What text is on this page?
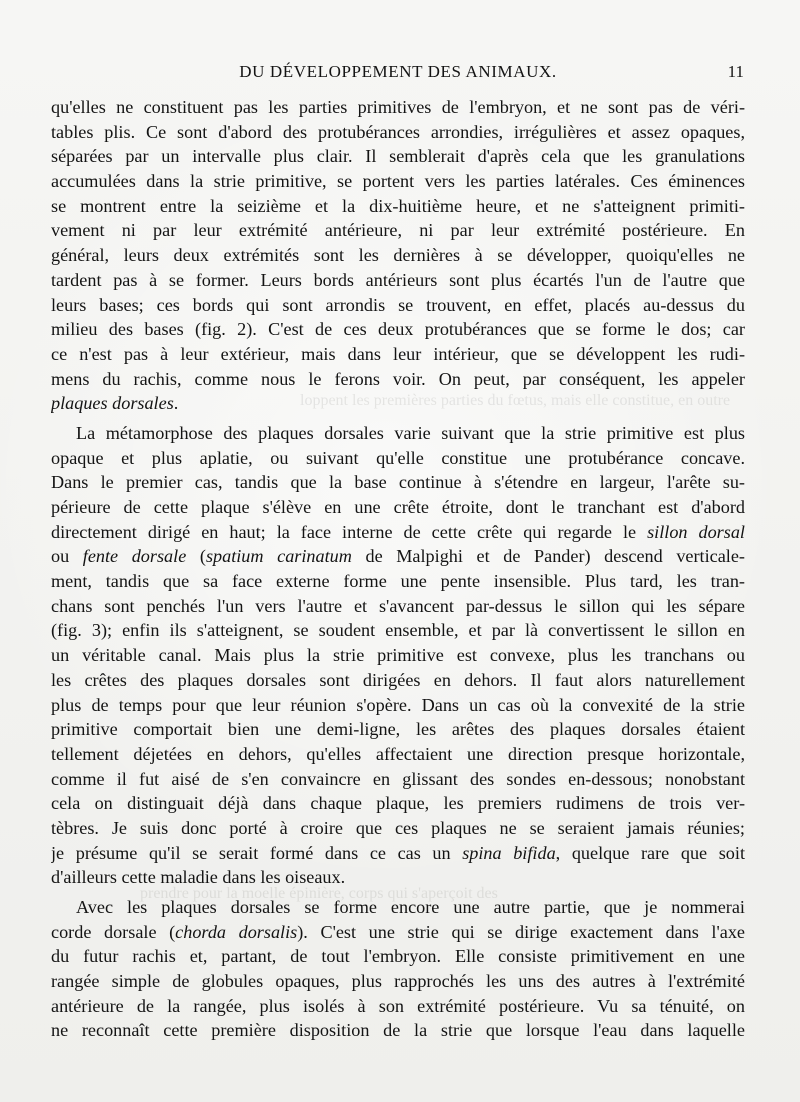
loppent les premières parties du fœtus, mais elle constitue, en outre
prendre pour la moelle épinière, corps qui s'aperçoit des
DU DÉVELOPPEMENT DES ANIMAUX.	11
qu'elles ne constituent pas les parties primitives de l'embryon, et ne sont pas de véri-
tables plis. Ce sont d'abord des protubérances arrondies, irrégulières et assez opaques,
séparées par un intervalle plus clair. Il semblerait d'après cela que les granulations
accumulées dans la strie primitive, se portent vers les parties latérales. Ces éminences
se montrent entre la seizième et la dix-huitième heure, et ne s'atteignent primiti-
vement ni par leur extrémité antérieure, ni par leur extrémité postérieure. En
général, leurs deux extrémités sont les dernières à se développer, quoiqu'elles ne
tardent pas à se former. Leurs bords antérieurs sont plus écartés l'un de l'autre que
leurs bases; ces bords qui sont arrondis se trouvent, en effet, placés au-dessus du
milieu des bases (fig. 2). C'est de ces deux protubérances que se forme le dos; car
ce n'est pas à leur extérieur, mais dans leur intérieur, que se développent les rudi-
mens du rachis, comme nous le ferons voir. On peut, par conséquent, les appeler
plaques dorsales.
La métamorphose des plaques dorsales varie suivant que la strie primitive est plus
opaque et plus aplatie, ou suivant qu'elle constitue une protubérance concave.
Dans le premier cas, tandis que la base continue à s'étendre en largeur, l'arête su-
périeure de cette plaque s'élève en une crête étroite, dont le tranchant est d'abord
directement dirigé en haut; la face interne de cette crête qui regarde le sillon dorsal
ou fente dorsale (spatium carinatum de Malpighi et de Pander) descend verticale-
ment, tandis que sa face externe forme une pente insensible. Plus tard, les tran-
chans sont penchés l'un vers l'autre et s'avancent par-dessus le sillon qui les sépare
(fig. 3); enfin ils s'atteignent, se soudent ensemble, et par là convertissent le sillon en
un véritable canal. Mais plus la strie primitive est convexe, plus les tranchans ou
les crêtes des plaques dorsales sont dirigées en dehors. Il faut alors naturellement
plus de temps pour que leur réunion s'opère. Dans un cas où la convexité de la strie
primitive comportait bien une demi-ligne, les arêtes des plaques dorsales étaient
tellement déjetées en dehors, qu'elles affectaient une direction presque horizontale,
comme il fut aisé de s'en convaincre en glissant des sondes en-dessous; nonobstant
cela on distinguait déjà dans chaque plaque, les premiers rudimens de trois ver-
tèbres. Je suis donc porté à croire que ces plaques ne se seraient jamais réunies;
je présume qu'il se serait formé dans ce cas un spina bifida, quelque rare que soit
d'ailleurs cette maladie dans les oiseaux.
Avec les plaques dorsales se forme encore une autre partie, que je nommerai
corde dorsale (chorda dorsalis). C'est une strie qui se dirige exactement dans l'axe
du futur rachis et, partant, de tout l'embryon. Elle consiste primitivement en une
rangée simple de globules opaques, plus rapprochés les uns des autres à l'extrémité
antérieure de la rangée, plus isolés à son extrémité postérieure. Vu sa ténuité, on
ne reconnaît cette première disposition de la strie que lorsque l'eau dans laquelle
